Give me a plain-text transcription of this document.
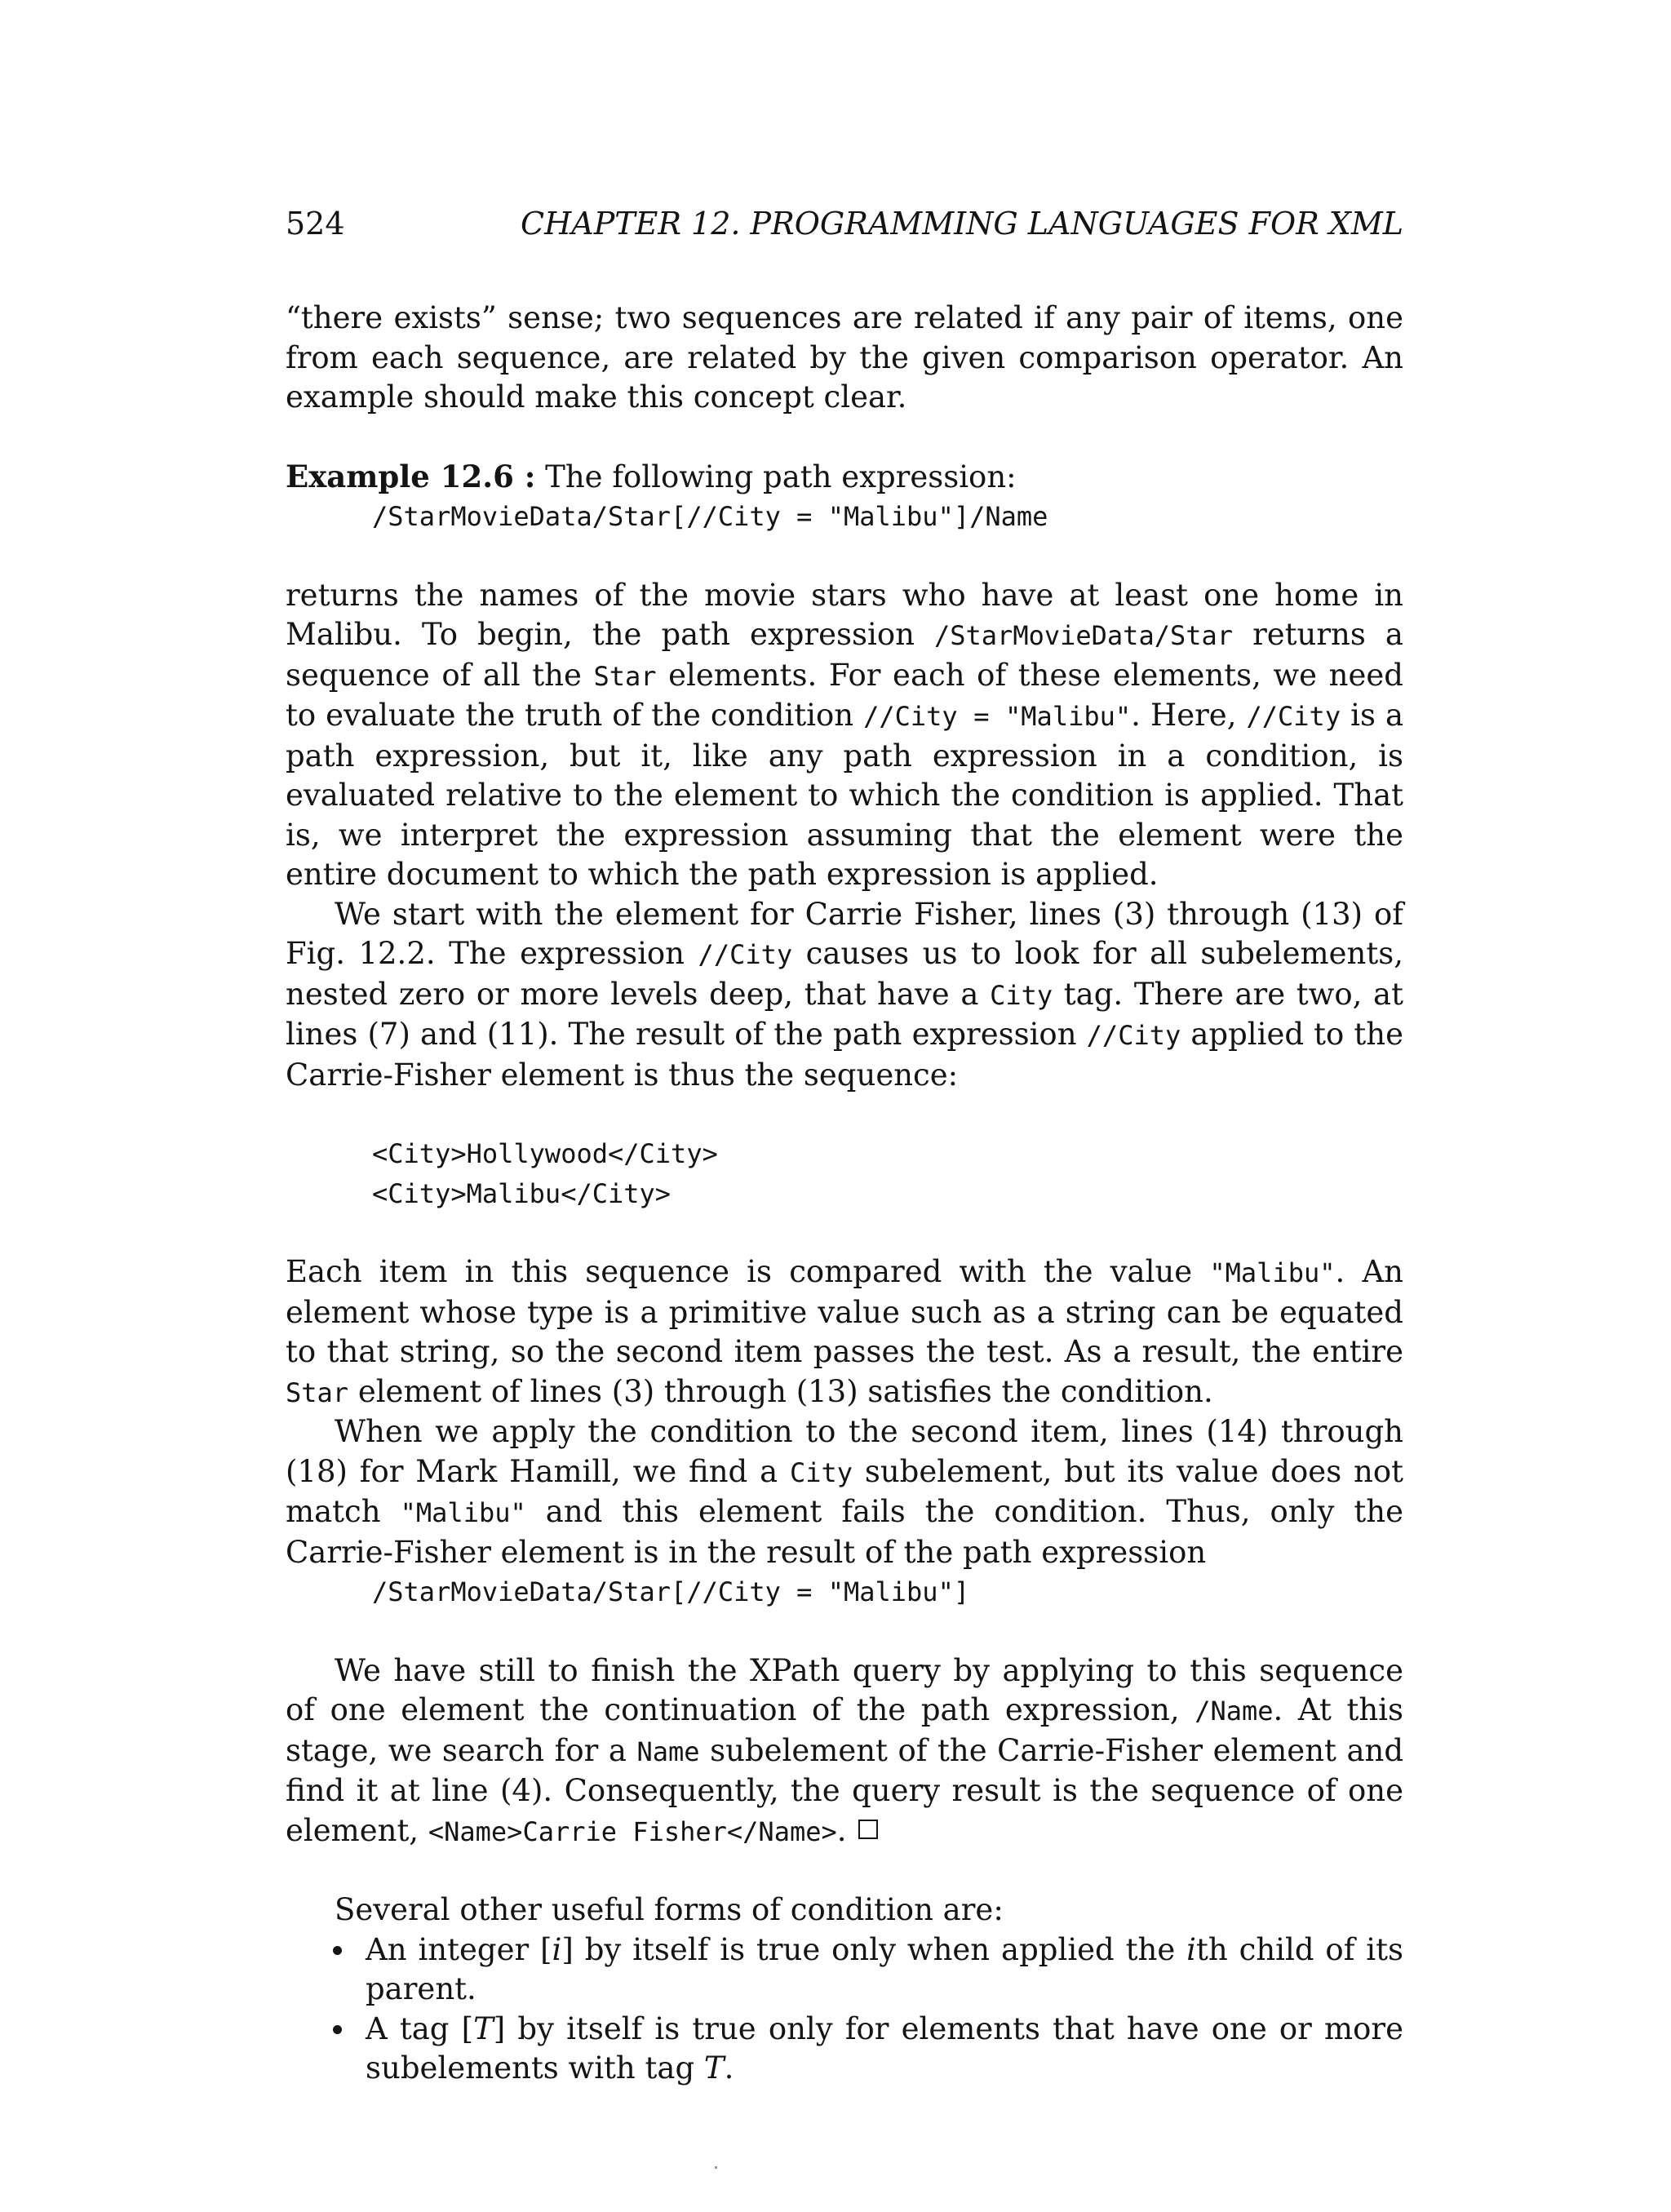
524	CHAPTER 12. PROGRAMMING LANGUAGES FOR XML

“there exists” sense; two sequences are related if any pair of items, one from each sequence, are related by the given comparison operator. An example should make this concept clear.

Example 12.6 : The following path expression:

/StarMovieData/Star[//City = "Malibu"]/Name

returns the names of the movie stars who have at least one home in Malibu. To begin, the path expression /StarMovieData/Star returns a sequence of all the Star elements. For each of these elements, we need to evaluate the truth of the condition //City = "Malibu". Here, //City is a path expression, but it, like any path expression in a condition, is evaluated relative to the element to which the condition is applied. That is, we interpret the expression assuming that the element were the entire document to which the path expression is applied.

We start with the element for Carrie Fisher, lines (3) through (13) of Fig. 12.2. The expression //City causes us to look for all subelements, nested zero or more levels deep, that have a City tag. There are two, at lines (7) and (11). The result of the path expression //City applied to the Carrie-Fisher element is thus the sequence:

<City>Hollywood</City>

<City>Malibu</City>

Each item in this sequence is compared with the value "Malibu". An element whose type is a primitive value such as a string can be equated to that string, so the second item passes the test. As a result, the entire Star element of lines (3) through (13) satisfies the condition.

When we apply the condition to the second item, lines (14) through (18) for Mark Hamill, we find a City subelement, but its value does not match "Malibu" and this element fails the condition. Thus, only the Carrie-Fisher element is in the result of the path expression

/StarMovieData/Star[//City = "Malibu"]

We have still to finish the XPath query by applying to this sequence of one element the continuation of the path expression, /Name. At this stage, we search for a Name subelement of the Carrie-Fisher element and find it at line (4). Consequently, the query result is the sequence of one element, <Name>Carrie Fisher</Name>.

Several other useful forms of condition are:

An integer [i] by itself is true only when applied the ith child of its parent.
A tag [T] by itself is true only for elements that have one or more subelements with tag T.
